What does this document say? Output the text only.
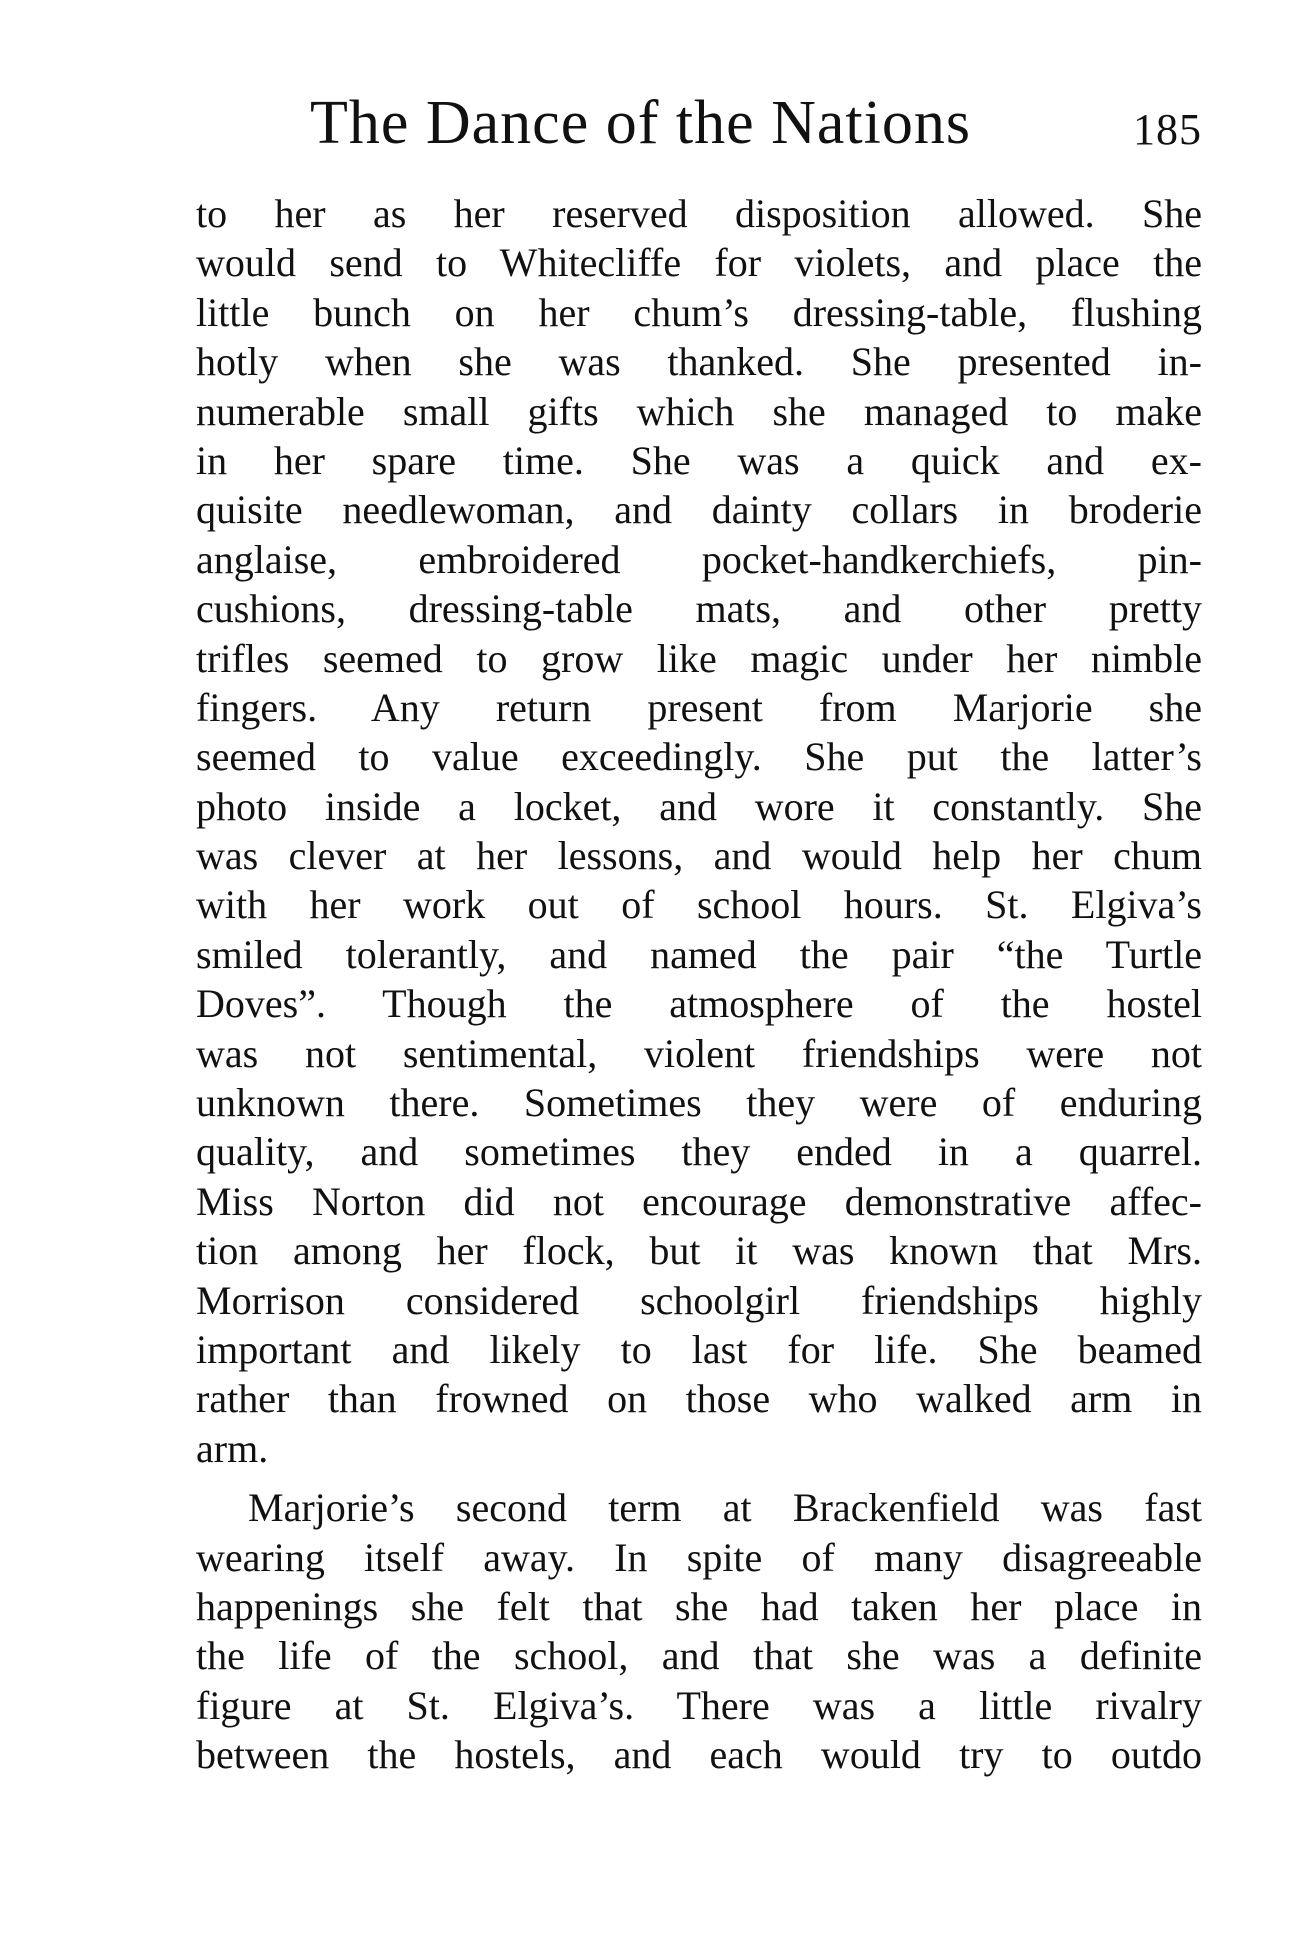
The Dance of the Nations	185
to her as her reserved disposition allowed. She
would send to Whitecliffe for violets, and place the
little bunch on her chum’s dressing-table, flushing
hotly when she was thanked. She presented in-
numerable small gifts which she managed to make
in her spare time. She was a quick and ex-
quisite needlewoman, and dainty collars in broderie
anglaise, embroidered pocket-handkerchiefs, pin-
cushions, dressing-table mats, and other pretty
trifles seemed to grow like magic under her nimble
fingers. Any return present from Marjorie she
seemed to value exceedingly. She put the latter’s
photo inside a locket, and wore it constantly. She
was clever at her lessons, and would help her chum
with her work out of school hours. St. Elgiva’s
smiled tolerantly, and named the pair “the Turtle
Doves”. Though the atmosphere of the hostel
was not sentimental, violent friendships were not
unknown there. Sometimes they were of enduring
quality, and sometimes they ended in a quarrel.
Miss Norton did not encourage demonstrative affec-
tion among her flock, but it was known that Mrs.
Morrison considered schoolgirl friendships highly
important and likely to last for life. She beamed
rather than frowned on those who walked arm in
arm.
Marjorie’s second term at Brackenfield was fast
wearing itself away. In spite of many disagreeable
happenings she felt that she had taken her place in
the life of the school, and that she was a definite
figure at St. Elgiva’s. There was a little rivalry
between the hostels, and each would try to outdo
